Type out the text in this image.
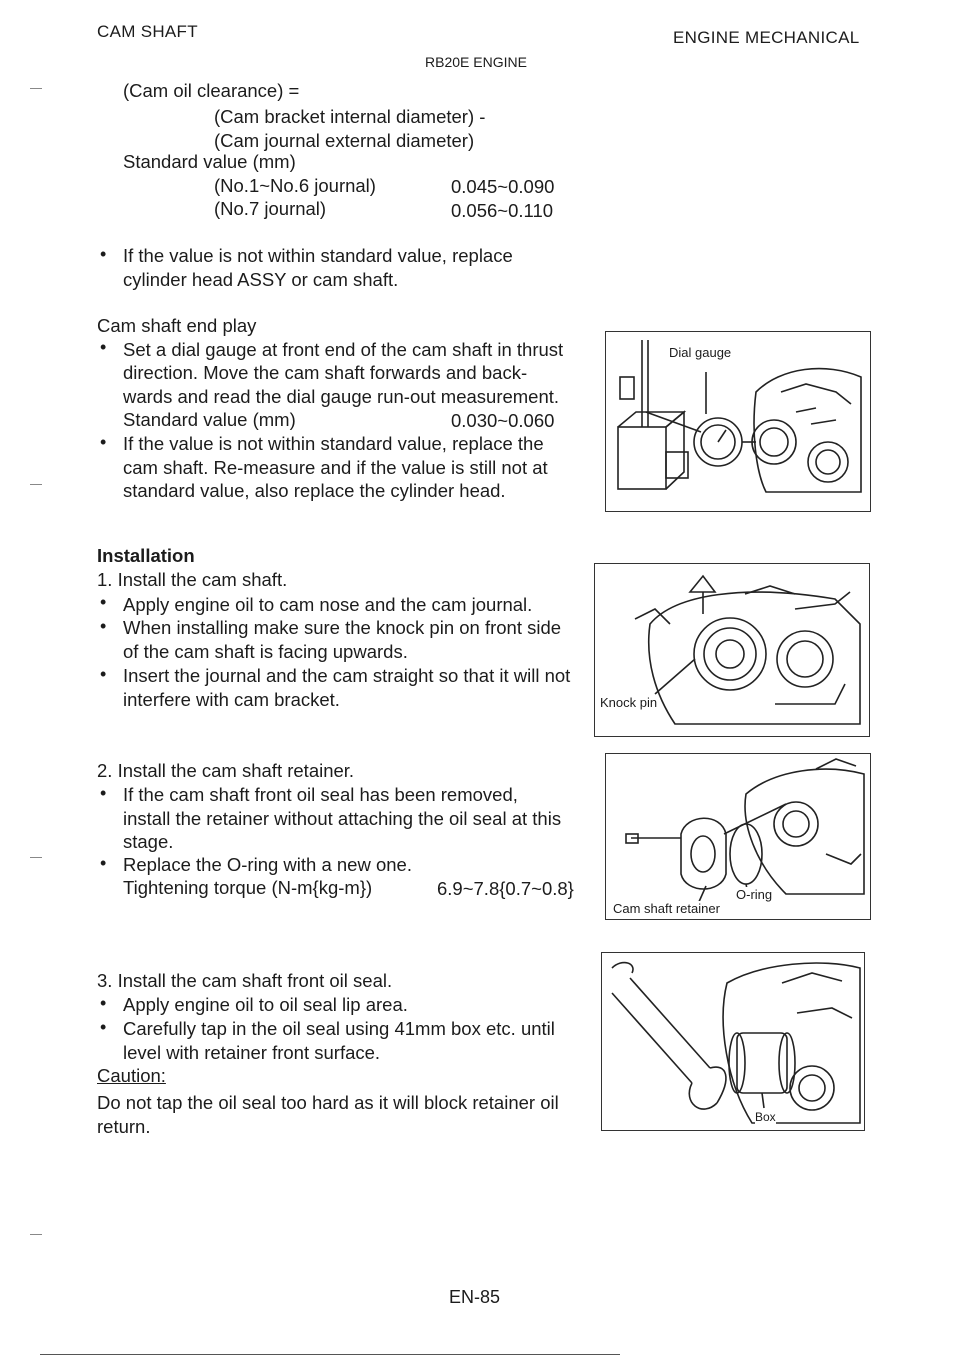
CAM SHAFT	ENGINE MECHANICAL
RB20E ENGINE
(Cam oil clearance) =
(Cam bracket internal diameter) -
(Cam journal external diameter)
Standard value (mm)
(No.1~No.6 journal)	0.045~0.090
(No.7 journal)	0.056~0.110
• If the value is not within standard value, replace
cylinder head ASSY or cam shaft.
Cam shaft end play
• Set a dial gauge at front end of the cam shaft in thrust
direction. Move the cam shaft forwards and back-
wards and read the dial gauge run-out measurement.
Standard value (mm)	0.030~0.060
• If the value is not within standard value, replace the
cam shaft. Re-measure and if the value is still not at
standard value, also replace the cylinder head.
Dial gauge
Installation
1. Install the cam shaft.
• Apply engine oil to cam nose and the cam journal.
• When installing make sure the knock pin on front side
of the cam shaft is facing upwards.
• Insert the journal and the cam straight so that it will not
interfere with cam bracket.	Knock pin
2. Install the cam shaft retainer.
• If the cam shaft front oil seal has been removed,
install the retainer without attaching the oil seal at this
stage.
• Replace the O-ring with a new one.
Tightening torque (N-m{kg-m})	6.9~7.8{0.7~0.8}	O-ring
Cam shaft retainer
3. Install the cam shaft front oil seal.
• Apply engine oil to oil seal lip area.
• Carefully tap in the oil seal using 41mm box etc. until
level with retainer front surface.
Caution:
Do not tap the oil seal too hard as it will block retainer oil
return.	Box
EN-85
